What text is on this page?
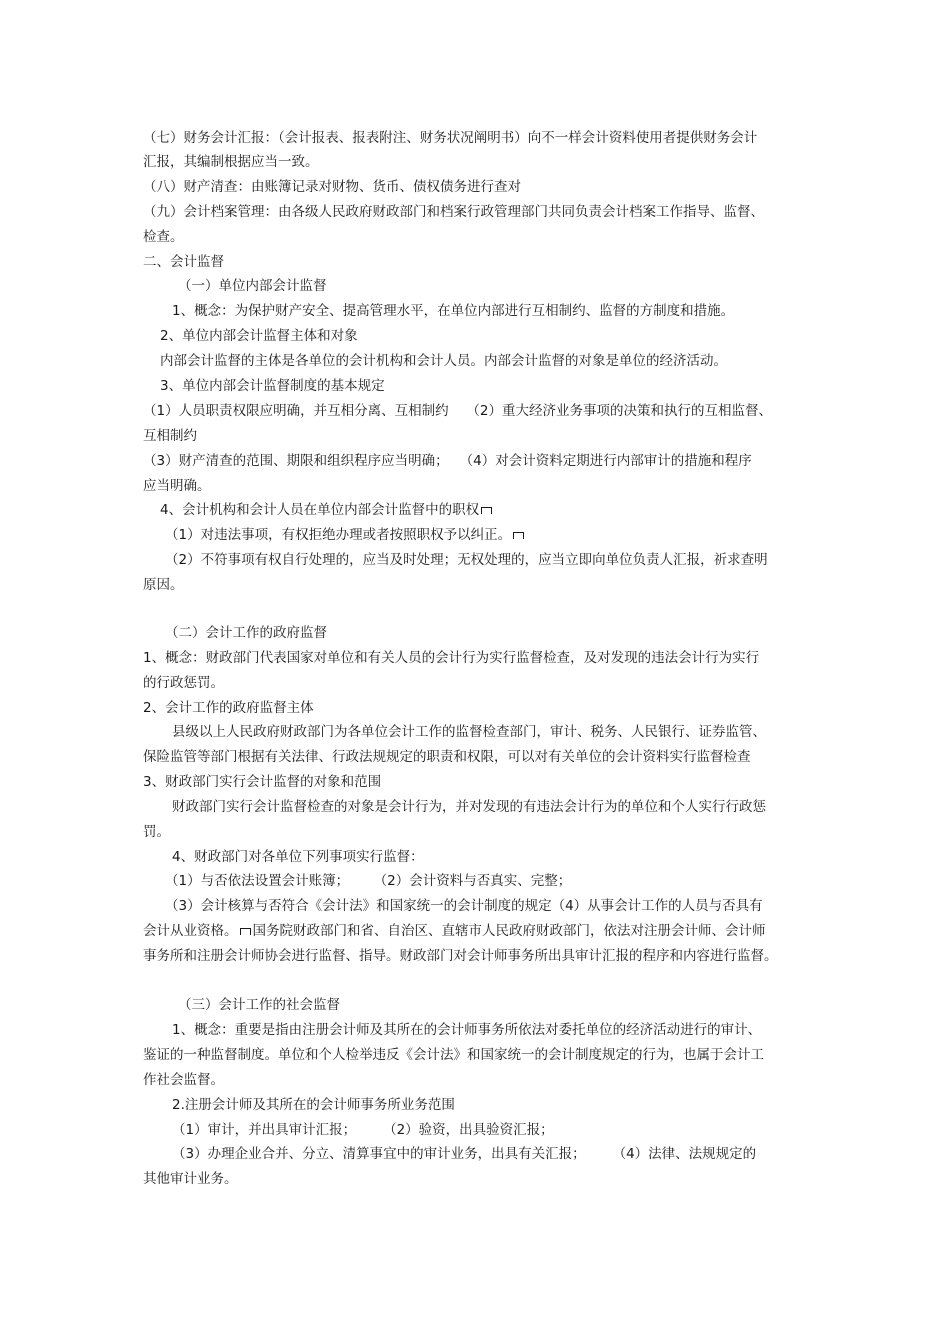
（七）财务会计汇报：（会计报表、报表附注、财务状况阐明书）向不一样会计资料使用者提供财务会计
汇报，其编制根据应当一致。
（八）财产清查：由账簿记录对财物、货币、债权债务进行查对
（九）会计档案管理：由各级人民政府财政部门和档案行政管理部门共同负责会计档案工作指导、监督、
检查。
二、会计监督
（一）单位内部会计监督
1、概念：为保护财产安全、提高管理水平，在单位内部进行互相制约、监督的方制度和措施。
2、单位内部会计监督主体和对象
内部会计监督的主体是各单位的会计机构和会计人员。内部会计监督的对象是单位的经济活动。
3、单位内部会计监督制度的基本规定
（1）人员职责权限应明确，并互相分离、互相制约　 （2）重大经济业务事项的决策和执行的互相监督、
互相制约
（3）财产清查的范围、期限和组织程序应当明确；　 （4）对会计资料定期进行内部审计的措施和程序
应当明确。
4、会计机构和会计人员在单位内部会计监督中的职权
（1）对违法事项，有权拒绝办理或者按照职权予以纠正。
（2）不符事项有权自行处理的，应当及时处理；无权处理的，应当立即向单位负责人汇报，祈求查明
原因。
（二）会计工作的政府监督
1、概念：财政部门代表国家对单位和有关人员的会计行为实行监督检查，及对发现的违法会计行为实行
的行政惩罚。
2、会计工作的政府监督主体
县级以上人民政府财政部门为各单位会计工作的监督检查部门，审计、税务、人民银行、证券监管、
保险监管等部门根据有关法律、行政法规规定的职责和权限，可以对有关单位的会计资料实行监督检查
3、财政部门实行会计监督的对象和范围
财政部门实行会计监督检查的对象是会计行为，并对发现的有违法会计行为的单位和个人实行行政惩
罚。
4、财政部门对各单位下列事项实行监督：
（1）与否依法设置会计账簿；　　 （2）会计资料与否真实、完整；
（3）会计核算与否符合《会计法》和国家统一的会计制度的规定（4）从事会计工作的人员与否具有
会计从业资格。 国务院财政部门和省、自治区、直辖市人民政府财政部门，依法对注册会计师、会计师
事务所和注册会计师协会进行监督、指导。财政部门对会计师事务所出具审计汇报的程序和内容进行监督。
（三）会计工作的社会监督
1、概念：重要是指由注册会计师及其所在的会计师事务所依法对委托单位的经济活动进行的审计、
鉴证的一种监督制度。单位和个人检举违反《会计法》和国家统一的会计制度规定的行为，也属于会计工
作社会监督。
2.注册会计师及其所在的会计师事务所业务范围
（1）审计，并出具审计汇报；　　　（2）验资，出具验资汇报；
（3）办理企业合并、分立、清算事宜中的审计业务，出具有关汇报；　　　（4）法律、法规规定的
其他审计业务。
